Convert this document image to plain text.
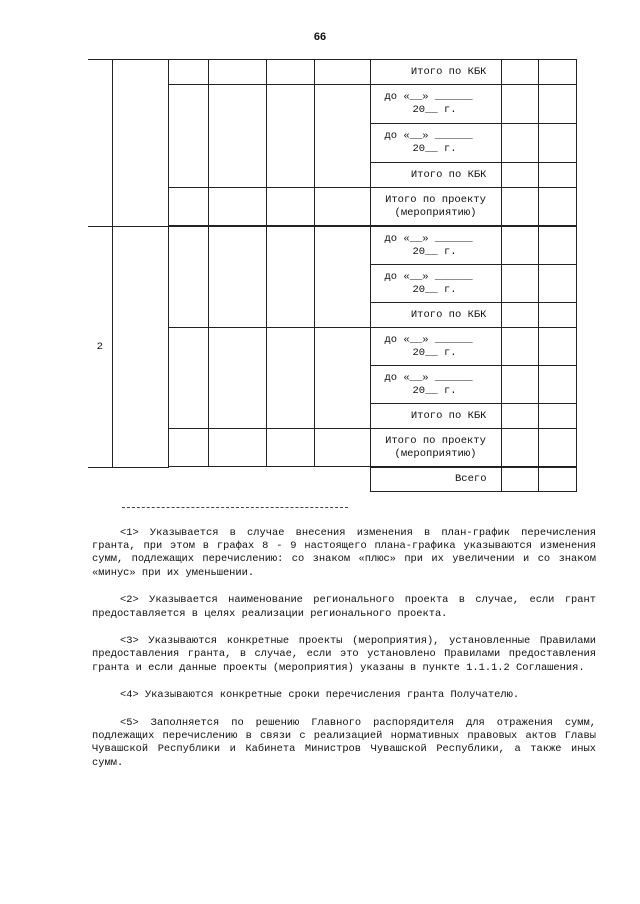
66
						Итого по КБК		

						до «__» ______
20__ г.		

						до «__» ______
20__ г.		

						Итого по КБК		
						Итого по проекту (мероприятию)		

2						до «__» ______
20__ г.		

						до «__» ______
20__ г.		

						Итого по КБК		

						до «__» ______
20__ г.		

						до «__» ______
20__ г.		

						Итого по КБК		
						Итого по проекту (мероприятию)		

						Всего		

<1> Указывается в случае внесения изменения в план-график перечисления гранта, при этом в графах 8 - 9 настоящего плана-графика указываются изменения сумм, подлежащих перечислению: со знаком «плюс» при их увеличении и со знаком «минус» при их уменьшении.

<2> Указывается наименование регионального проекта в случае, если грант предоставляется в целях реализации регионального проекта.

<3> Указываются конкретные проекты (мероприятия), установленные Правилами предоставления гранта, в случае, если это установлено Правилами предоставления гранта и если данные проекты (мероприятия) указаны в пункте 1.1.1.2 Соглашения.

<4> Указываются конкретные сроки перечисления гранта Получателю.

<5> Заполняется по решению Главного распорядителя для отражения сумм, подлежащих перечислению в связи с реализацией нормативных правовых актов Главы Чувашской Республики и Кабинета Министров Чувашской Республики, а также иных сумм.
